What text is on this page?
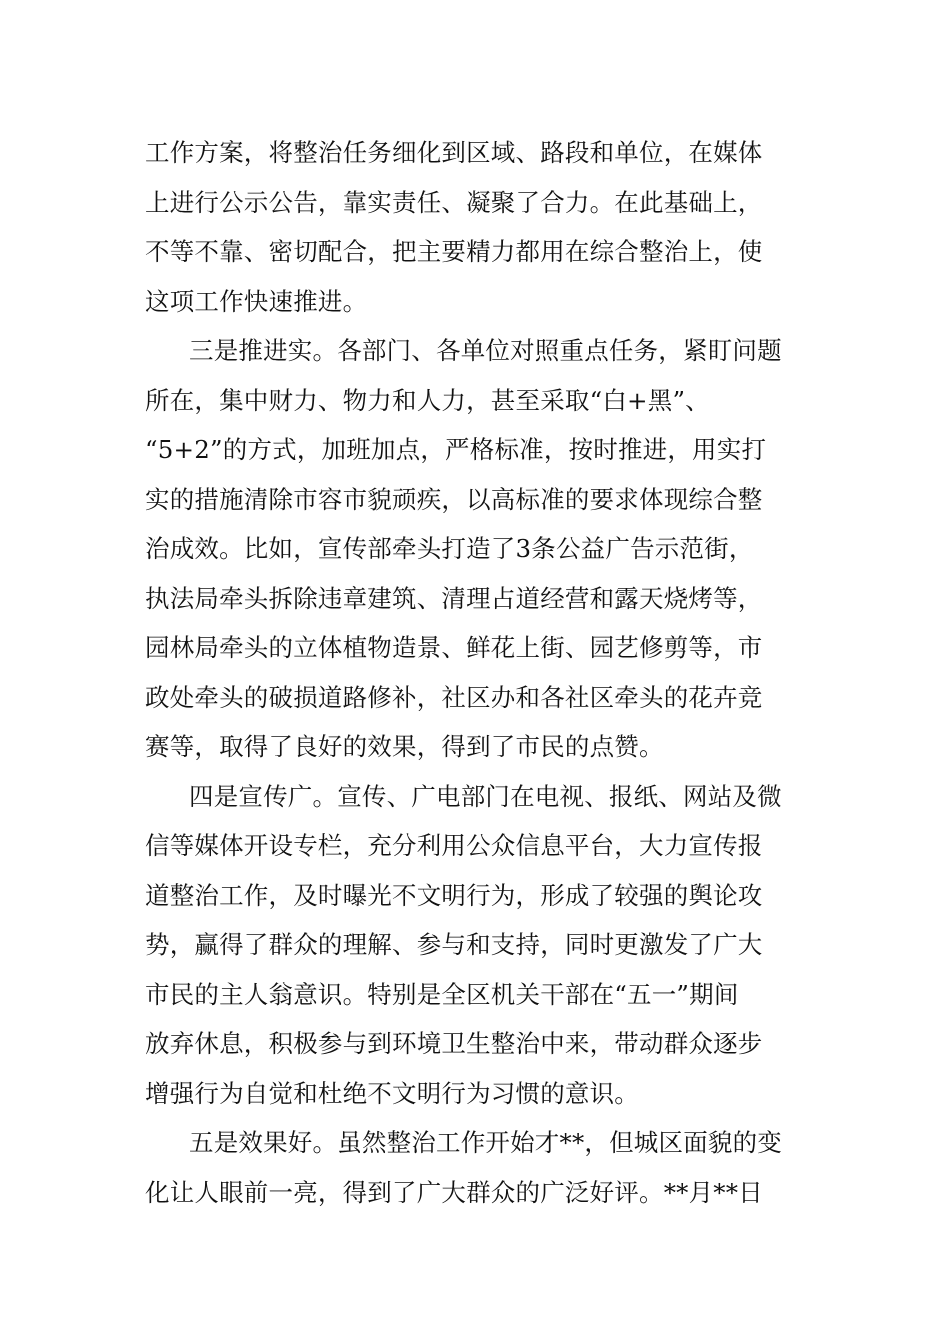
工作方案，将整治任务细化到区域、路段和单位，在媒体
上进行公示公告，靠实责任、凝聚了合力。在此基础上，
不等不靠、密切配合，把主要精力都用在综合整治上，使
这项工作快速推进。
三是推进实。各部门、各单位对照重点任务，紧盯问题
所在，集中财力、物力和人力，甚至采取“白+黑”、
“5+2”的方式，加班加点，严格标准，按时推进，用实打
实的措施清除市容市貌顽疾，以高标准的要求体现综合整
治成效。比如，宣传部牵头打造了3条公益广告示范街，
执法局牵头拆除违章建筑、清理占道经营和露天烧烤等，
园林局牵头的立体植物造景、鲜花上街、园艺修剪等，市
政处牵头的破损道路修补，社区办和各社区牵头的花卉竞
赛等，取得了良好的效果，得到了市民的点赞。
四是宣传广。宣传、广电部门在电视、报纸、网站及微
信等媒体开设专栏，充分利用公众信息平台，大力宣传报
道整治工作，及时曝光不文明行为，形成了较强的舆论攻
势，赢得了群众的理解、参与和支持，同时更激发了广大
市民的主人翁意识。特别是全区机关干部在“五一”期间
放弃休息，积极参与到环境卫生整治中来，带动群众逐步
增强行为自觉和杜绝不文明行为习惯的意识。
五是效果好。虽然整治工作开始才**，但城区面貌的变
化让人眼前一亮，得到了广大群众的广泛好评。**月**日
